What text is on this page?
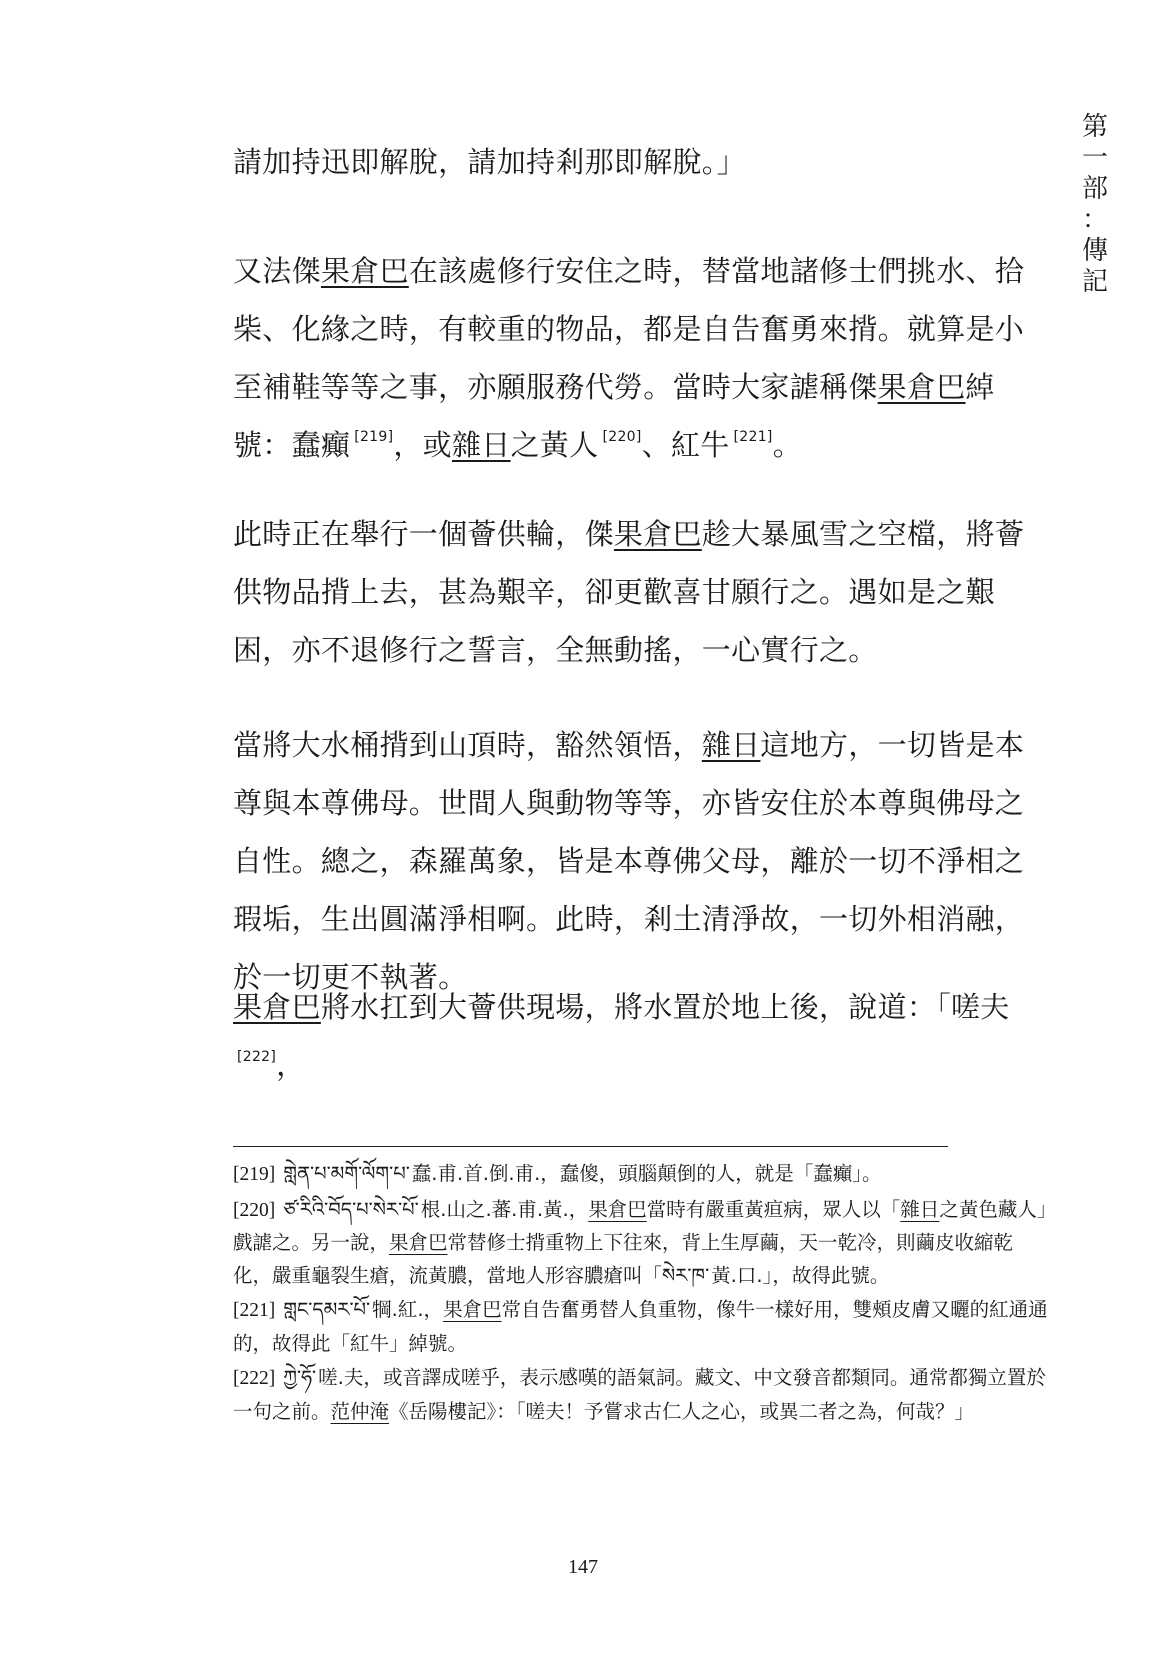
第
一
部
：
傳
記

請加持迅即解脫，請加持剎那即解脫。」

又法傑果倉巴在該處修行安住之時，替當地諸修士們挑水、拾柴、化緣之時，有較重的物品，都是自告奮勇來揹。就算是小至補鞋等等之事，亦願服務代勞。當時大家謔稱傑果倉巴綽號：蠢癲 [219]，或雜日之黃人 [220]、紅牛 [221]。

此時正在舉行一個薈供輪，傑果倉巴趁大暴風雪之空檔，將薈供物品揹上去，甚為艱辛，卻更歡喜甘願行之。遇如是之艱困，亦不退修行之誓言，全無動搖，一心實行之。

當將大水桶揹到山頂時，豁然領悟，雜日這地方，一切皆是本尊與本尊佛母。世間人與動物等等，亦皆安住於本尊與佛母之自性。總之，森羅萬象，皆是本尊佛父母，離於一切不淨相之瑕垢，生出圓滿淨相啊。此時，剎土清淨故，一切外相消融，於一切更不執著。

果倉巴將水扛到大薈供現場，將水置於地上後，說道：「嗟夫[222]，

[219] གླེན་པ་མགོ་ལོག་པ་ 蠢.甫.首.倒.甫.，蠢傻，頭腦顛倒的人，就是「蠢癲」。

[220] ཙ་རིའི་བོད་པ་སེར་པོ་ 根.山之.蕃.甫.黃.，果倉巴當時有嚴重黃疸病，眾人以「雜日之黃色藏人」戲謔之。另一說，果倉巴常替修士揹重物上下往來，背上生厚繭，天一乾冷，則繭皮收縮乾化，嚴重龜裂生瘡，流黃膿，當地人形容膿瘡叫「སེར་ཁ་ 黃.口.」，故得此號。

[221] གླང་དམར་པོ་ 犅.紅.，果倉巴常自告奮勇替人負重物，像牛一樣好用，雙頰皮膚又曬的紅通通的，故得此「紅牛」綽號。

[222] ཀྱེ་ཧོ་ 嗟.夫，或音譯成嗟乎，表示感嘆的語氣詞。藏文、中文發音都類同。通常都獨立置於一句之前。范仲淹《岳陽樓記》：「嗟夫！予嘗求古仁人之心，或異二者之為，何哉？」

147
